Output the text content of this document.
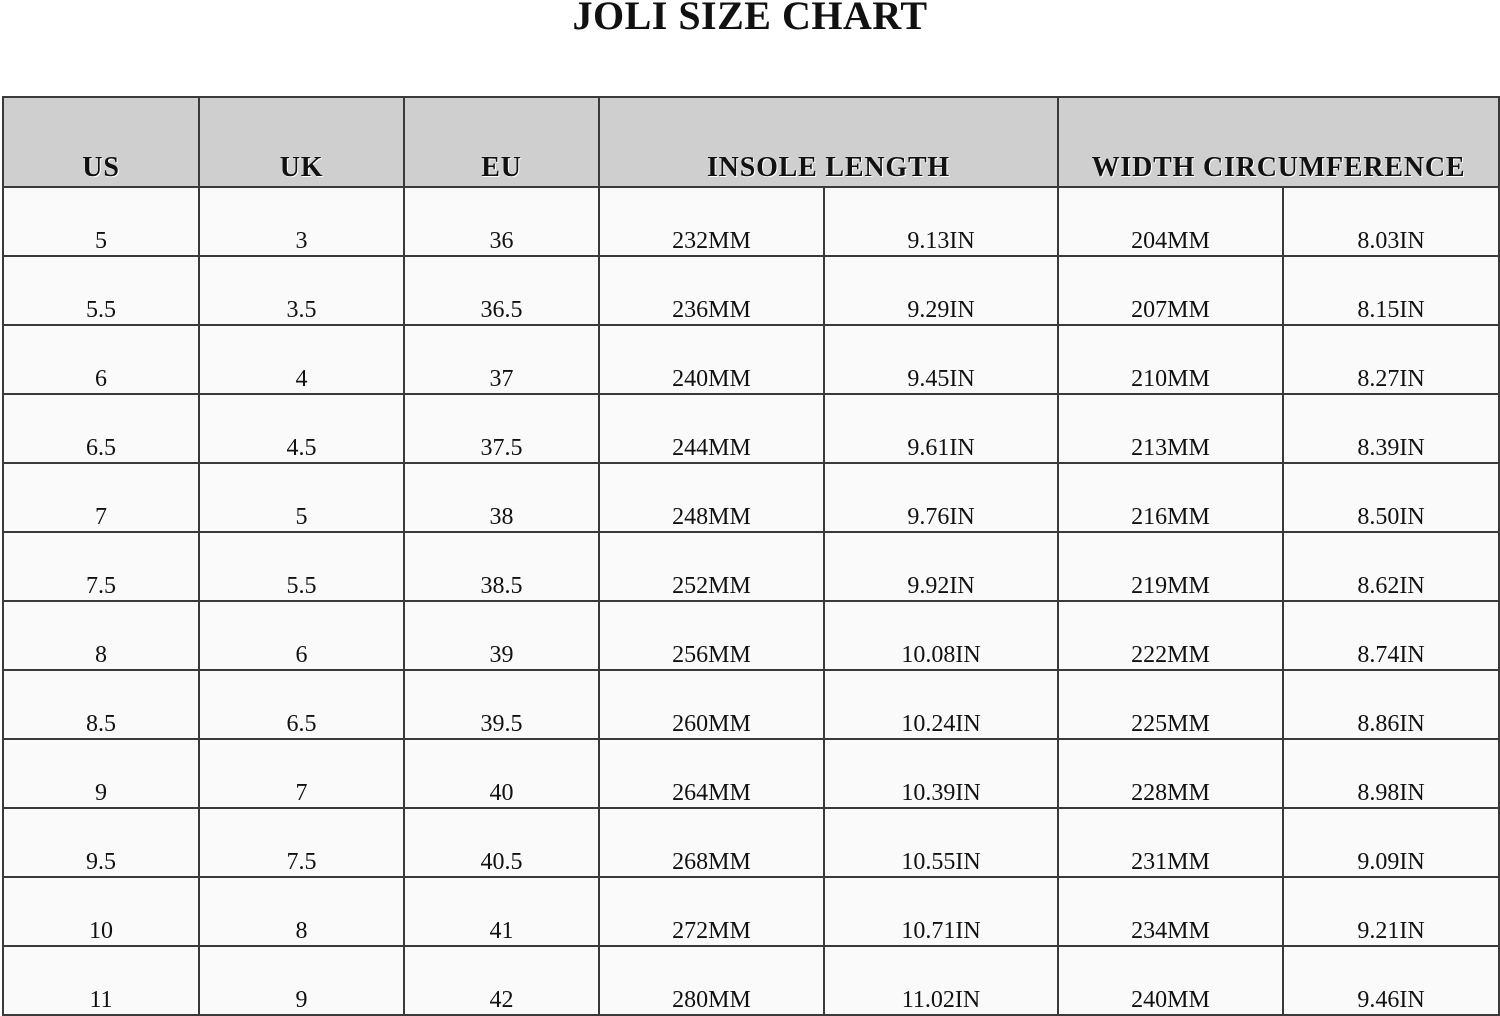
JOLI SIZE CHART
US	UK	EU	INSOLE LENGTH		WIDTH CIRCUMFERENCE	
5	3	36	232MM	9.13IN	204MM	8.03IN
5.5	3.5	36.5	236MM	9.29IN	207MM	8.15IN
6	4	37	240MM	9.45IN	210MM	8.27IN
6.5	4.5	37.5	244MM	9.61IN	213MM	8.39IN
7	5	38	248MM	9.76IN	216MM	8.50IN
7.5	5.5	38.5	252MM	9.92IN	219MM	8.62IN
8	6	39	256MM	10.08IN	222MM	8.74IN
8.5	6.5	39.5	260MM	10.24IN	225MM	8.86IN
9	7	40	264MM	10.39IN	228MM	8.98IN
9.5	7.5	40.5	268MM	10.55IN	231MM	9.09IN
10	8	41	272MM	10.71IN	234MM	9.21IN
11	9	42	280MM	11.02IN	240MM	9.46IN
